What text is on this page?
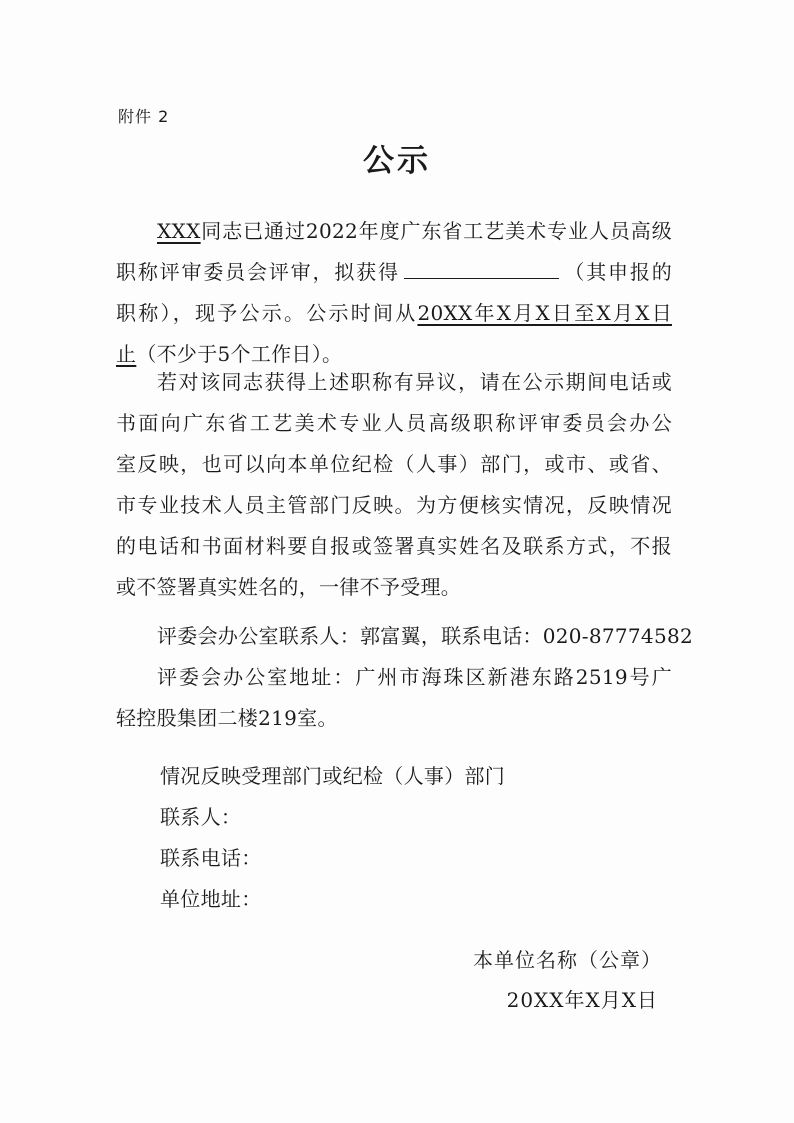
附件 2
公示
XXX同志已通过2022年度广东省工艺美术专业人员高级
职称评审委员会评审，拟获得	（其申报的
职称），现予公示。公示时间从20XX年X月X日至X月X日
止（不少于5个工作日）。
若对该同志获得上述职称有异议，请在公示期间电话或
书面向广东省工艺美术专业人员高级职称评审委员会办公
室反映，也可以向本单位纪检（人事）部门，或市、或省、
市专业技术人员主管部门反映。为方便核实情况，反映情况
的电话和书面材料要自报或签署真实姓名及联系方式，不报
或不签署真实姓名的，一律不予受理。
评委会办公室联系人：郭富翼，联系电话：020-87774582
评委会办公室地址：广州市海珠区新港东路2519号广
轻控股集团二楼219室。
情况反映受理部门或纪检（人事）部门
联系人：
联系电话：
单位地址：
本单位名称（公章）
20XX年X月X日
